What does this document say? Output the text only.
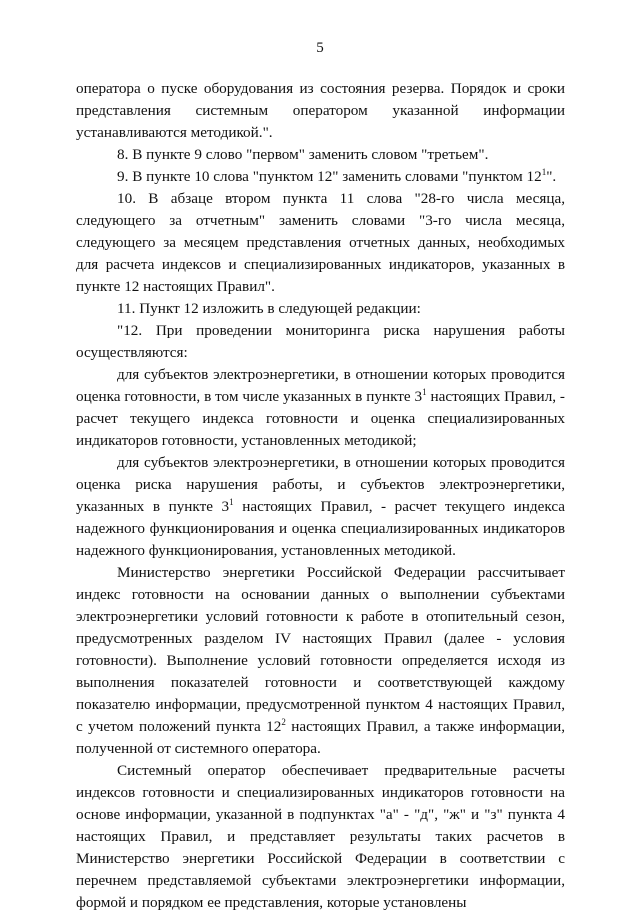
5

оператора о пуске оборудования из состояния резерва. Порядок и сроки представления системным оператором указанной информации устанавливаются методикой.".

8. В пункте 9 слово "первом" заменить словом "третьем".

9. В пункте 10 слова "пунктом 12" заменить словами "пунктом $12^1$".

10. В абзаце втором пункта 11 слова "28-го числа месяца, следующего за отчетным" заменить словами "3-го числа месяца, следующего за месяцем представления отчетных данных, необходимых для расчета индексов и специализированных индикаторов, указанных в пункте 12 настоящих Правил".

11. Пункт 12 изложить в следующей редакции:

"12. При проведении мониторинга риска нарушения работы осуществляются:

для субъектов электроэнергетики, в отношении которых проводится оценка готовности, в том числе указанных в пункте $3^1$ настоящих Правил, - расчет текущего индекса готовности и оценка специализированных индикаторов готовности, установленных методикой;

для субъектов электроэнергетики, в отношении которых проводится оценка риска нарушения работы, и субъектов электроэнергетики, указанных в пункте $3^1$ настоящих Правил, - расчет текущего индекса надежного функционирования и оценка специализированных индикаторов надежного функционирования, установленных методикой.

Министерство энергетики Российской Федерации рассчитывает индекс готовности на основании данных о выполнении субъектами электроэнергетики условий готовности к работе в отопительный сезон, предусмотренных разделом IV настоящих Правил (далее - условия готовности). Выполнение условий готовности определяется исходя из выполнения показателей готовности и соответствующей каждому показателю информации, предусмотренной пунктом 4 настоящих Правил, с учетом положений пункта $12^2$ настоящих Правил, а также информации, полученной от системного оператора.

Системный оператор обеспечивает предварительные расчеты индексов готовности и специализированных индикаторов готовности на основе информации, указанной в подпунктах "а" - "д", "ж" и "з" пункта 4 настоящих Правил, и представляет результаты таких расчетов в Министерство энергетики Российской Федерации в соответствии с перечнем представляемой субъектами электроэнергетики информации, формой и порядком ее представления, которые установлены
